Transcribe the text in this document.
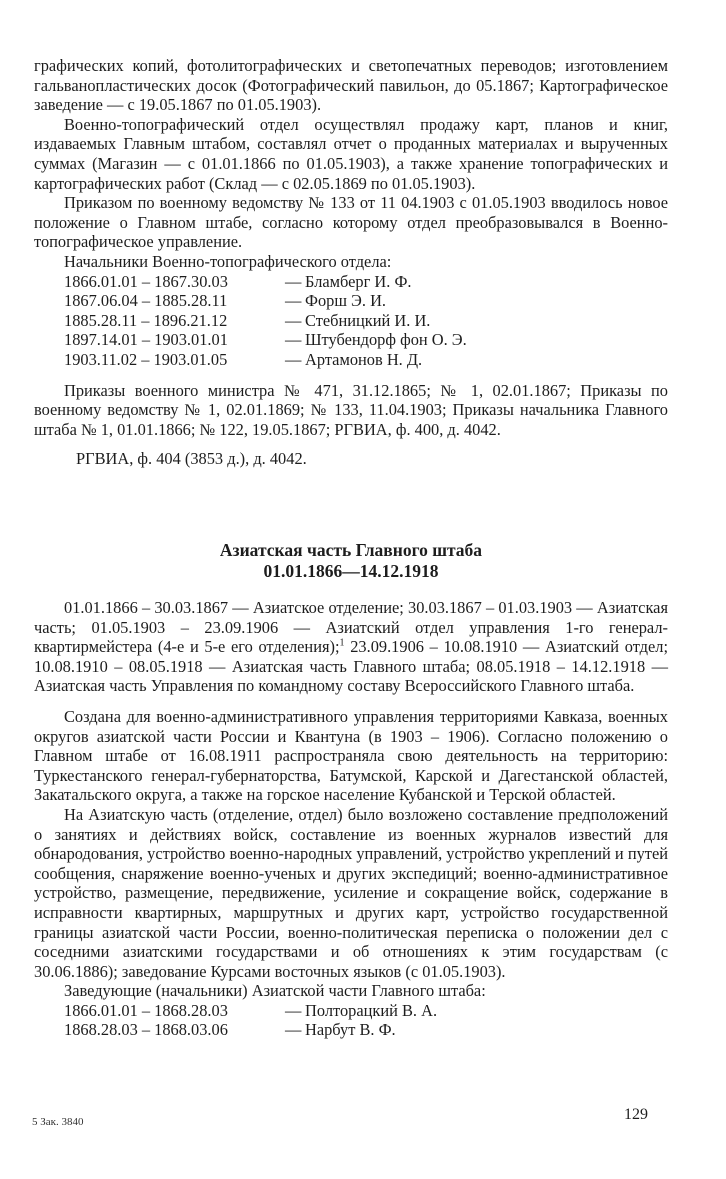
графических копий, фотолитографических и светопечатных переводов; изготовлением гальванопластических досок (Фотографический павильон, до 05.1867; Картографическое заведение — с 19.05.1867 по 01.05.1903).

Военно-топографический отдел осуществлял продажу карт, планов и книг, издаваемых Главным штабом, составлял отчет о проданных материалах и вырученных суммах (Магазин — с 01.01.1866 по 01.05.1903), а также хранение топографических и картографических работ (Склад — с 02.05.1869 по 01.05.1903).

Приказом по военному ведомству № 133 от 11 04.1903 с 01.05.1903 вводилось новое положение о Главном штабе, согласно которому отдел преобразовывался в Военно-топографическое управление.

Начальники Военно-топографического отдела:

1866.01.01 – 1867.30.03	— Бламберг И. Ф.

1867.06.04 – 1885.28.11	— Форш Э. И.

1885.28.11 – 1896.21.12	— Стебницкий И. И.

1897.14.01 – 1903.01.01	— Штубендорф фон О. Э.

1903.11.02 – 1903.01.05	— Артамонов Н. Д.

Приказы военного министра № 471, 31.12.1865; № 1, 02.01.1867; Приказы по военному ведомству № 1, 02.01.1869; № 133, 11.04.1903; Приказы начальника Главного штаба № 1, 01.01.1866; № 122, 19.05.1867; РГВИА, ф. 400, д. 4042.

РГВИА, ф. 404 (3853 д.), д. 4042.

Азиатская часть Главного штаба
01.01.1866—14.12.1918

01.01.1866 – 30.03.1867 — Азиатское отделение; 30.03.1867 – 01.03.1903 — Азиатская часть; 01.05.1903 – 23.09.1906 — Азиатский отдел управления 1-го генерал-квартирмейстера (4-е и 5-е его отделения);$^1$ 23.09.1906 – 10.08.1910 — Азиатский отдел; 10.08.1910 – 08.05.1918 — Азиатская часть Главного штаба; 08.05.1918 – 14.12.1918 — Азиатская часть Управления по командному составу Всероссийского Главного штаба.

Создана для военно-административного управления территориями Кавказа, военных округов азиатской части России и Квантуна (в 1903 – 1906). Согласно положению о Главном штабе от 16.08.1911 распространяла свою деятельность на территорию: Туркестанского генерал-губернаторства, Батумской, Карской и Дагестанской областей, Закатальского округа, а также на горское население Кубанской и Терской областей.

На Азиатскую часть (отделение, отдел) было возложено составление предположений о занятиях и действиях войск, составление из военных журналов известий для обнародования, устройство военно-народных управлений, устройство укреплений и путей сообщения, снаряжение военно-ученых и других экспедиций; военно-административное устройство, размещение, передвижение, усиление и сокращение войск, содержание в исправности квартирных, маршрутных и других карт, устройство государственной границы азиатской части России, военно-политическая переписка о положении дел с соседними азиатскими государствами и об отношениях к этим государствам (с 30.06.1886); заведование Курсами восточных языков (с 01.05.1903).

Заведующие (начальники) Азиатской части Главного штаба:

1866.01.01 – 1868.28.03	— Полторацкий В. А.

1868.28.03 – 1868.03.06	— Нарбут В. Ф.

5 Зак. 3840	129
